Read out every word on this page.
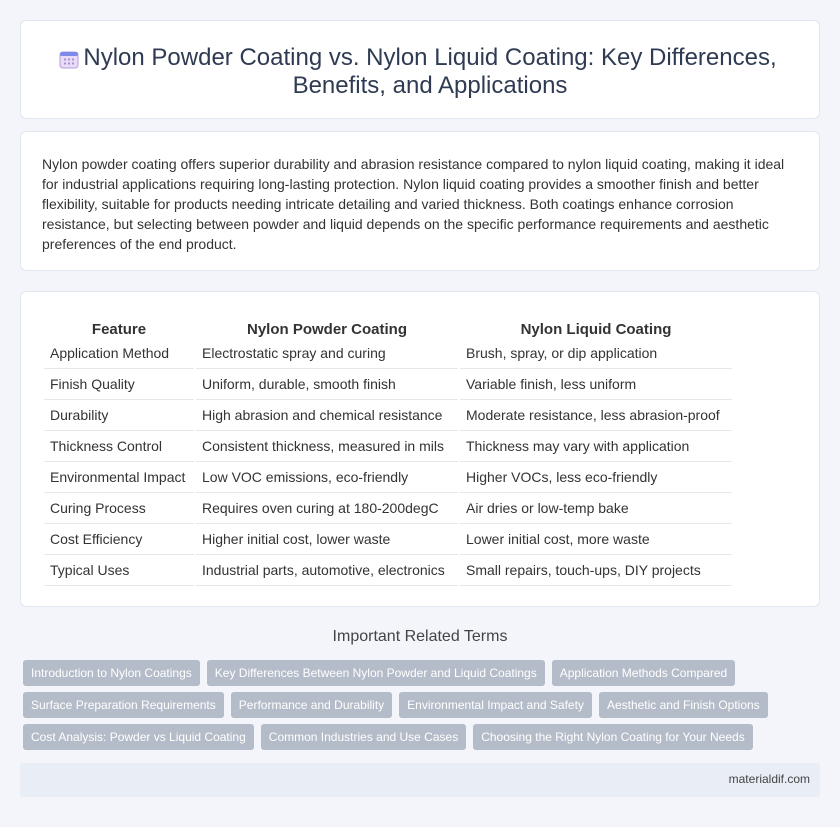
Nylon Powder Coating vs. Nylon Liquid Coating: Key Differences,
Benefits, and Applications

Nylon powder coating offers superior durability and abrasion resistance compared to nylon liquid coating, making it ideal for industrial applications requiring long-lasting protection. Nylon liquid coating provides a smoother finish and better flexibility, suitable for products needing intricate detailing and varied thickness. Both coatings enhance corrosion resistance, but selecting between powder and liquid depends on the specific performance requirements and aesthetic preferences of the end product.

Feature	Nylon Powder Coating	Nylon Liquid Coating
Application Method	Electrostatic spray and curing	Brush, spray, or dip application
Finish Quality	Uniform, durable, smooth finish	Variable finish, less uniform
Durability	High abrasion and chemical resistance	Moderate resistance, less abrasion-proof
Thickness Control	Consistent thickness, measured in mils	Thickness may vary with application
Environmental Impact	Low VOC emissions, eco-friendly	Higher VOCs, less eco-friendly
Curing Process	Requires oven curing at 180-200degC	Air dries or low-temp bake
Cost Efficiency	Higher initial cost, lower waste	Lower initial cost, more waste
Typical Uses	Industrial parts, automotive, electronics	Small repairs, touch-ups, DIY projects
Important Related Terms
Introduction to Nylon Coatings	Key Differences Between Nylon Powder and Liquid Coatings	Application Methods Compared
Surface Preparation Requirements	Performance and Durability	Environmental Impact and Safety	Aesthetic and Finish Options
Cost Analysis: Powder vs Liquid Coating	Common Industries and Use Cases	Choosing the Right Nylon Coating for Your Needs
materialdif.com
